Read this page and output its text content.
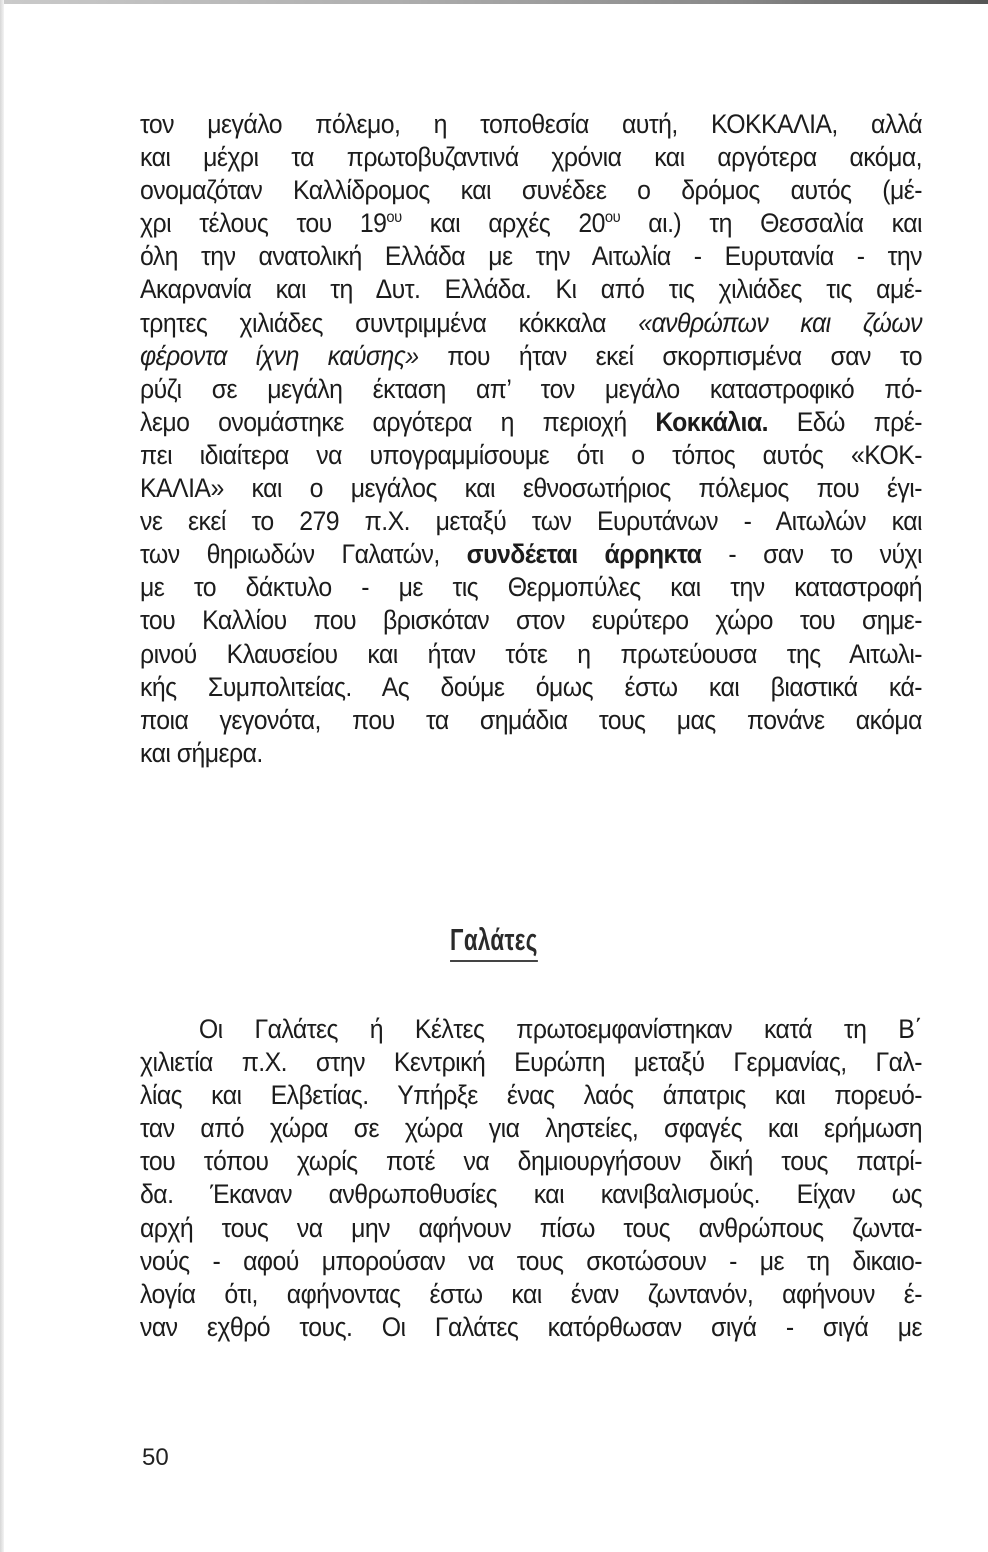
τον μεγάλο πόλεμο, η τοποθεσία αυτή, ΚΟΚΚΑΛΙΑ, αλλά
και μέχρι τα πρωτοβυζαντινά χρόνια και αργότερα ακόμα,
ονομαζόταν Καλλίδρομος και συνέδεε ο δρόμος αυτός (μέ-
χρι τέλους του $19^{o\upsilon}$ και αρχές $20^{o\upsilon}$ αι.) τη Θεσσαλία και
όλη την ανατολική Ελλάδα με την Αιτωλία - Ευρυτανία - την
Ακαρνανία και τη Δυτ. Ελλάδα. Κι από τις χιλιάδες τις αμέ-
τρητες χιλιάδες συντριμμένα κόκκαλα «ανθρώπων και ζώων
φέροντα ίχνη καύσης» που ήταν εκεί σκορπισμένα σαν το
ρύζι σε μεγάλη έκταση απ’ τον μεγάλο καταστροφικό πό-
λεμο ονομάστηκε αργότερα η περιοχή Κοκκάλια. Εδώ πρέ-
πει ιδιαίτερα να υπογραμμίσουμε ότι ο τόπος αυτός «ΚΟΚ-
ΚΑΛΙΑ» και ο μεγάλος και εθνοσωτήριος πόλεμος που έγι-
νε εκεί το 279 π.Χ. μεταξύ των Ευρυτάνων - Αιτωλών και
των θηριωδών Γαλατών, συνδέεται άρρηκτα - σαν το νύχι
με το δάκτυλο - με τις Θερμοπύλες και την καταστροφή
του Καλλίου που βρισκόταν στον ευρύτερο χώρο του σημε-
ρινού Κλαυσείου και ήταν τότε η πρωτεύουσα της Αιτωλι-
κής Συμπολιτείας. Ας δούμε όμως έστω και βιαστικά κά-
ποια γεγονότα, που τα σημάδια τους μας πονάνε ακόμα
και σήμερα.

Γαλάτες

Οι Γαλάτες ή Κέλτες πρωτοεμφανίστηκαν κατά τη Β΄
χιλιετία π.Χ. στην Κεντρική Ευρώπη μεταξύ Γερμανίας, Γαλ-
λίας και Ελβετίας. Υπήρξε ένας λαός άπατρις και πορευό-
ταν από χώρα σε χώρα για ληστείες, σφαγές και ερήμωση
του τόπου χωρίς ποτέ να δημιουργήσουν δική τους πατρί-
δα. Έκαναν ανθρωποθυσίες και κανιβαλισμούς. Είχαν ως
αρχή τους να μην αφήνουν πίσω τους ανθρώπους ζωντα-
νούς - αφού μπορούσαν να τους σκοτώσουν - με τη δικαιο-
λογία ότι, αφήνοντας έστω και έναν ζωντανόν, αφήνουν έ-
ναν εχθρό τους. Οι Γαλάτες κατόρθωσαν σιγά - σιγά με

50
